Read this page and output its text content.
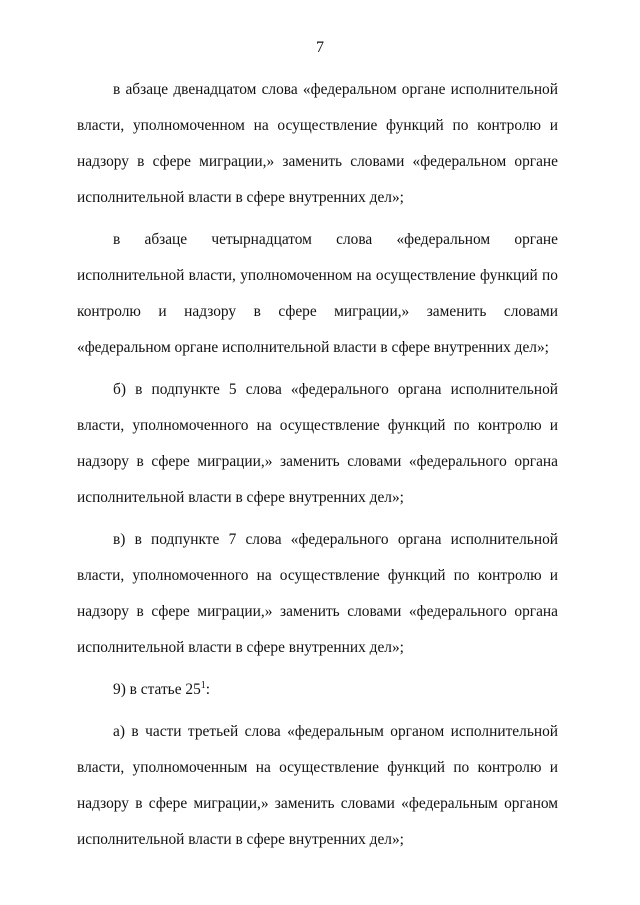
7

в абзаце двенадцатом слова «федеральном органе исполнительной власти, уполномоченном на осуществление функций по контролю и надзору в сфере миграции,» заменить словами «федеральном органе исполнительной власти в сфере внутренних дел»;

в абзаце четырнадцатом слова «федеральном органе исполнительной власти, уполномоченном на осуществление функций по контролю и надзору в сфере миграции,» заменить словами «федеральном органе исполнительной власти в сфере внутренних дел»;

б) в подпункте 5 слова «федерального органа исполнительной власти, уполномоченного на осуществление функций по контролю и надзору в сфере миграции,» заменить словами «федерального органа исполнительной власти в сфере внутренних дел»;

в) в подпункте 7 слова «федерального органа исполнительной власти, уполномоченного на осуществление функций по контролю и надзору в сфере миграции,» заменить словами «федерального органа исполнительной власти в сфере внутренних дел»;

9) в статье $25^1$:

а) в части третьей слова «федеральным органом исполнительной власти, уполномоченным на осуществление функций по контролю и надзору в сфере миграции,» заменить словами «федеральным органом исполнительной власти в сфере внутренних дел»;
